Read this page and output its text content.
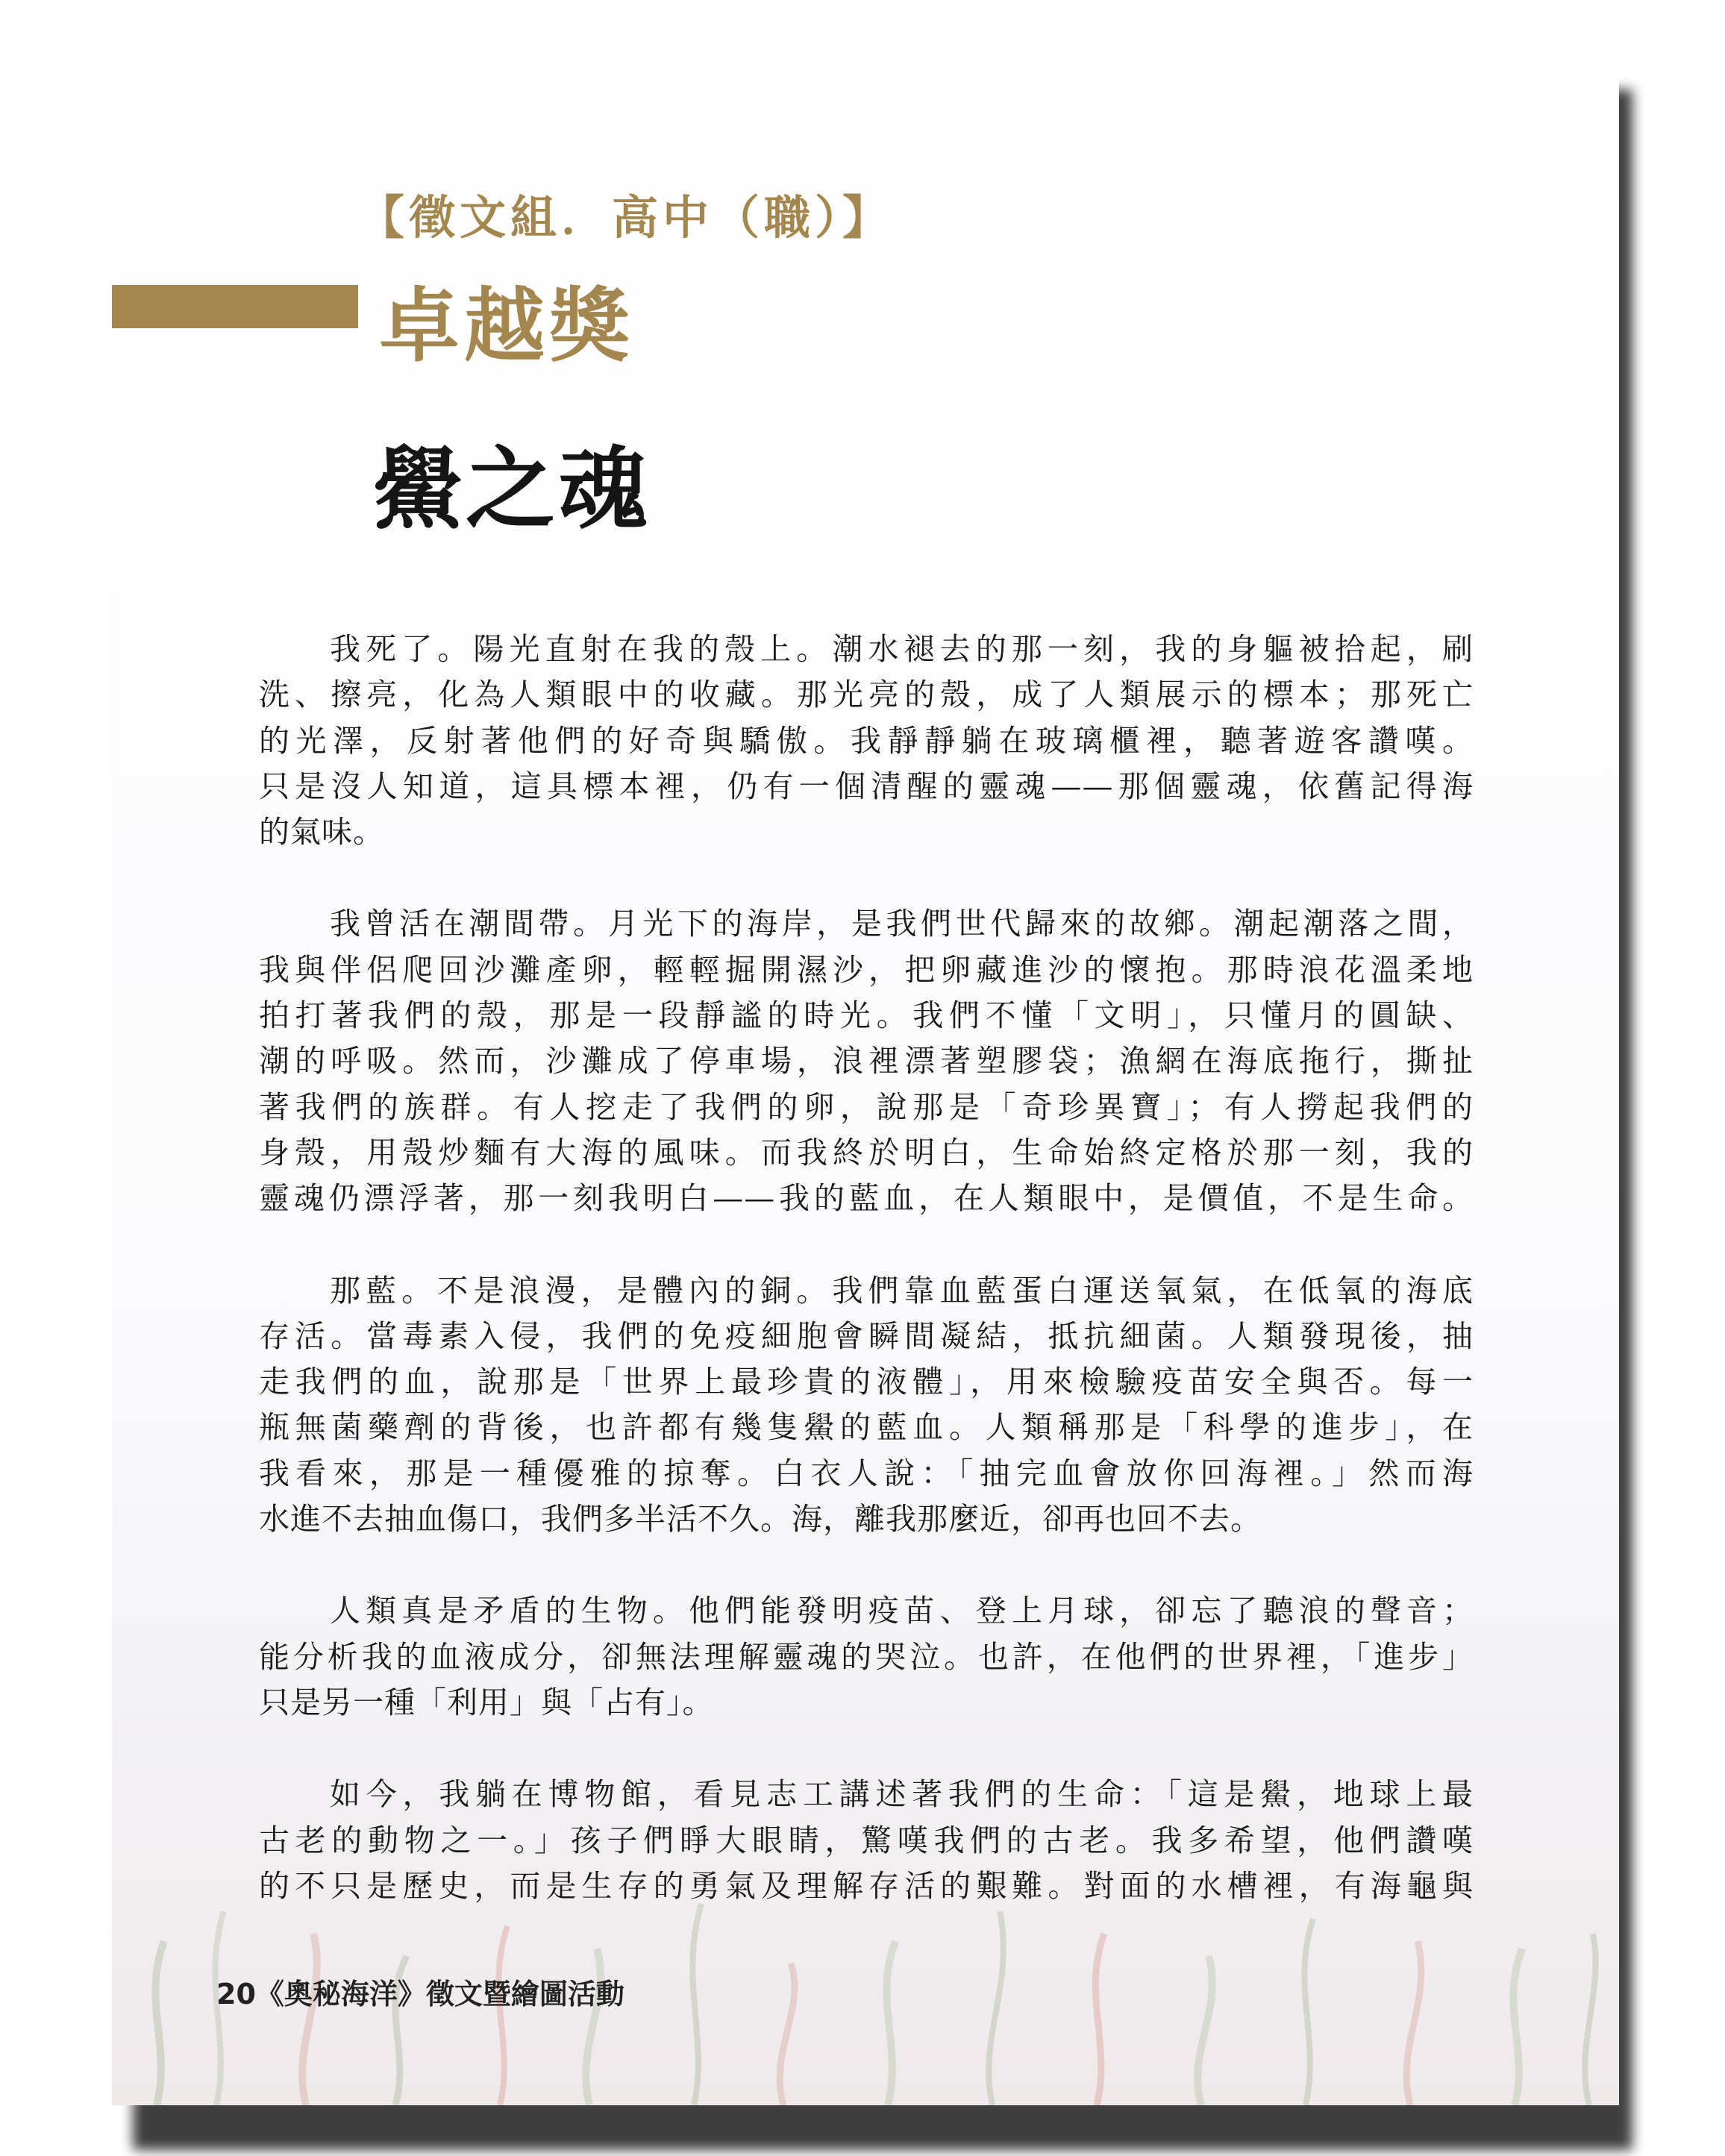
【徵文組．高中（職）】
卓越獎
鱟之魂
我死了。陽光直射在我的殼上。潮水褪去的那一刻，我的身軀被拾起，刷
洗、擦亮，化為人類眼中的收藏。那光亮的殼，成了人類展示的標本；那死亡
的光澤，反射著他們的好奇與驕傲。我靜靜躺在玻璃櫃裡，聽著遊客讚嘆。
只是沒人知道，這具標本裡，仍有一個清醒的靈魂——那個靈魂，依舊記得海
的氣味。
我曾活在潮間帶。月光下的海岸，是我們世代歸來的故鄉。潮起潮落之間，
我與伴侶爬回沙灘產卵，輕輕掘開濕沙，把卵藏進沙的懷抱。那時浪花溫柔地
拍打著我們的殼，那是一段靜謐的時光。我們不懂「文明」，只懂月的圓缺、
潮的呼吸。然而，沙灘成了停車場，浪裡漂著塑膠袋；漁網在海底拖行，撕扯
著我們的族群。有人挖走了我們的卵，說那是「奇珍異寶」；有人撈起我們的
身殼，用殼炒麵有大海的風味。而我終於明白，生命始終定格於那一刻，我的
靈魂仍漂浮著，那一刻我明白——我的藍血，在人類眼中，是價值，不是生命。
那藍。不是浪漫，是體內的銅。我們靠血藍蛋白運送氧氣，在低氧的海底
存活。當毒素入侵，我們的免疫細胞會瞬間凝結，抵抗細菌。人類發現後，抽
走我們的血，說那是「世界上最珍貴的液體」，用來檢驗疫苗安全與否。每一
瓶無菌藥劑的背後，也許都有幾隻鱟的藍血。人類稱那是「科學的進步」，在
我看來，那是一種優雅的掠奪。白衣人說：「抽完血會放你回海裡。」然而海
水進不去抽血傷口，我們多半活不久。海，離我那麼近，卻再也回不去。
人類真是矛盾的生物。他們能發明疫苗、登上月球，卻忘了聽浪的聲音；
能分析我的血液成分，卻無法理解靈魂的哭泣。也許，在他們的世界裡，「進步」
只是另一種「利用」與「占有」。
如今，我躺在博物館，看見志工講述著我們的生命：「這是鱟，地球上最
古老的動物之一。」孩子們睜大眼睛，驚嘆我們的古老。我多希望，他們讚嘆
的不只是歷史，而是生存的勇氣及理解存活的艱難。對面的水槽裡，有海龜與
20《奧秘海洋》徵文暨繪圖活動
